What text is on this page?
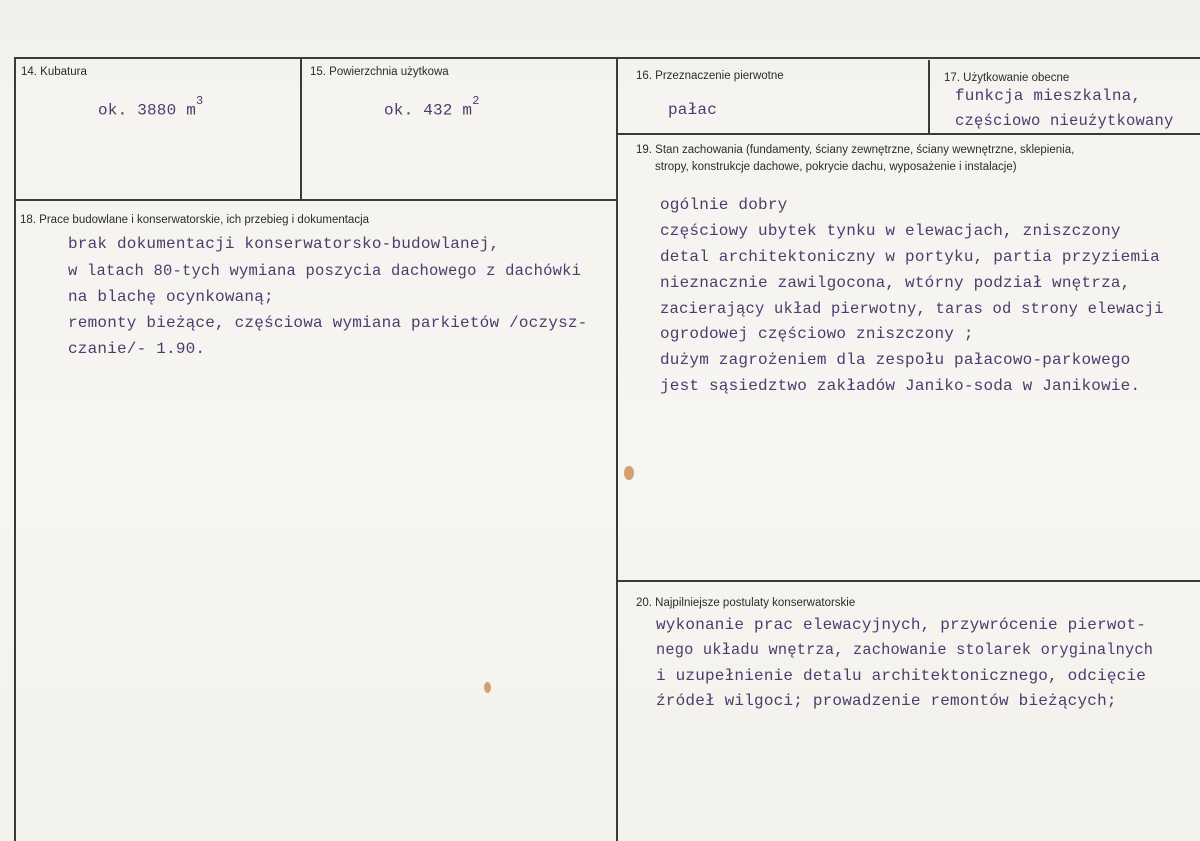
14. Kubatura
ok. 3880 $m^3$
15. Powierzchnia użytkowa
ok. 432 $m^2$
16. Przeznaczenie pierwotne
pałac
17. Użytkowanie obecne
funkcja mieszkalna,
częściowo nieużytkowany
18. Prace budowlane i konserwatorskie, ich przebieg i dokumentacja
brak dokumentacji konserwatorsko-budowlanej,
w latach 80-tych wymiana poszycia dachowego z dachówki
na blachę ocynkowaną;
remonty bieżące, częściowa wymiana parkietów /oczysz-
czanie/- 1.90.
19. Stan zachowania (fundamenty, ściany zewnętrzne, ściany wewnętrzne, sklepienia,
stropy, konstrukcje dachowe, pokrycie dachu, wyposażenie i instalacje)
ogólnie dobry
częściowy ubytek tynku w elewacjach, zniszczony
detal architektoniczny w portyku, partia przyziemia
nieznacznie zawilgocona, wtórny podział wnętrza,
zacierający układ pierwotny, taras od strony elewacji
ogrodowej częściowo zniszczony ;
dużym zagrożeniem dla zespołu pałacowo-parkowego
jest sąsiedztwo zakładów Janiko-soda w Janikowie.
20. Najpilniejsze postulaty konserwatorskie
wykonanie prac elewacyjnych, przywrócenie pierwot-
nego układu wnętrza, zachowanie stolarek oryginalnych
i uzupełnienie detalu architektonicznego, odcięcie
źródeł wilgoci; prowadzenie remontów bieżących;
